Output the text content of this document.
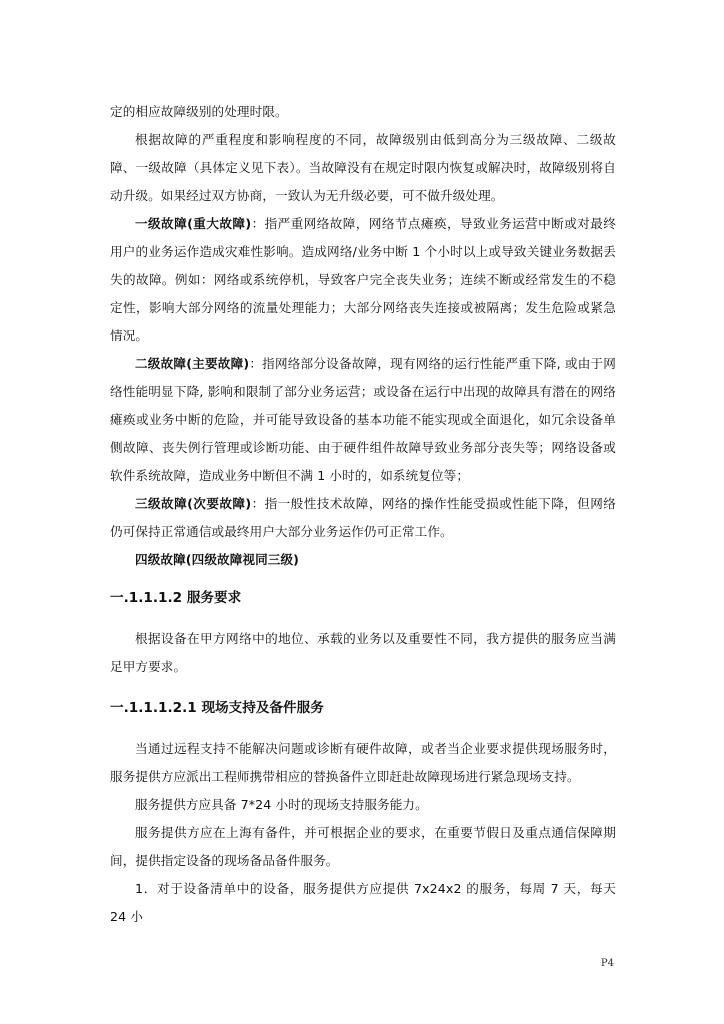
定的相应故障级别的处理时限。

根据故障的严重程度和影响程度的不同，故障级别由低到高分为三级故障、二级故障、一级故障（具体定义见下表）。当故障没有在规定时限内恢复或解决时，故障级别将自动升级。如果经过双方协商，一致认为无升级必要，可不做升级处理。

一级故障(重大故障)：指严重网络故障，网络节点瘫痪，导致业务运营中断或对最终用户的业务运作造成灾难性影响。造成网络/业务中断 1 个小时以上或导致关键业务数据丢失的故障。例如：网络或系统停机，导致客户完全丧失业务；连续不断或经常发生的不稳定性，影响大部分网络的流量处理能力；大部分网络丧失连接或被隔离；发生危险或紧急情况。

二级故障(主要故障)：指网络部分设备故障，现有网络的运行性能严重下降, 或由于网络性能明显下降, 影响和限制了部分业务运营；或设备在运行中出现的故障具有潜在的网络瘫痪或业务中断的危险，并可能导致设备的基本功能不能实现或全面退化，如冗余设备单侧故障、丧失例行管理或诊断功能、由于硬件组件故障导致业务部分丧失等；网络设备或软件系统故障，造成业务中断但不满 1 小时的，如系统复位等；

三级故障(次要故障)：指一般性技术故障，网络的操作性能受损或性能下降，但网络仍可保持正常通信或最终用户大部分业务运作仍可正常工作。

四级故障(四级故障视同三级)

一.1.1.1.2 服务要求

根据设备在甲方网络中的地位、承载的业务以及重要性不同，我方提供的服务应当满足甲方要求。

一.1.1.1.2.1 现场支持及备件服务

当通过远程支持不能解决问题或诊断有硬件故障，或者当企业要求提供现场服务时，服务提供方应派出工程师携带相应的替换备件立即赶赴故障现场进行紧急现场支持。

服务提供方应具备 7*24 小时的现场支持服务能力。

服务提供方应在上海有备件，并可根据企业的要求，在重要节假日及重点通信保障期间，提供指定设备的现场备品备件服务。

1．对于设备清单中的设备，服务提供方应提供 7x24x2 的服务，每周 7 天，每天 24 小

P4
